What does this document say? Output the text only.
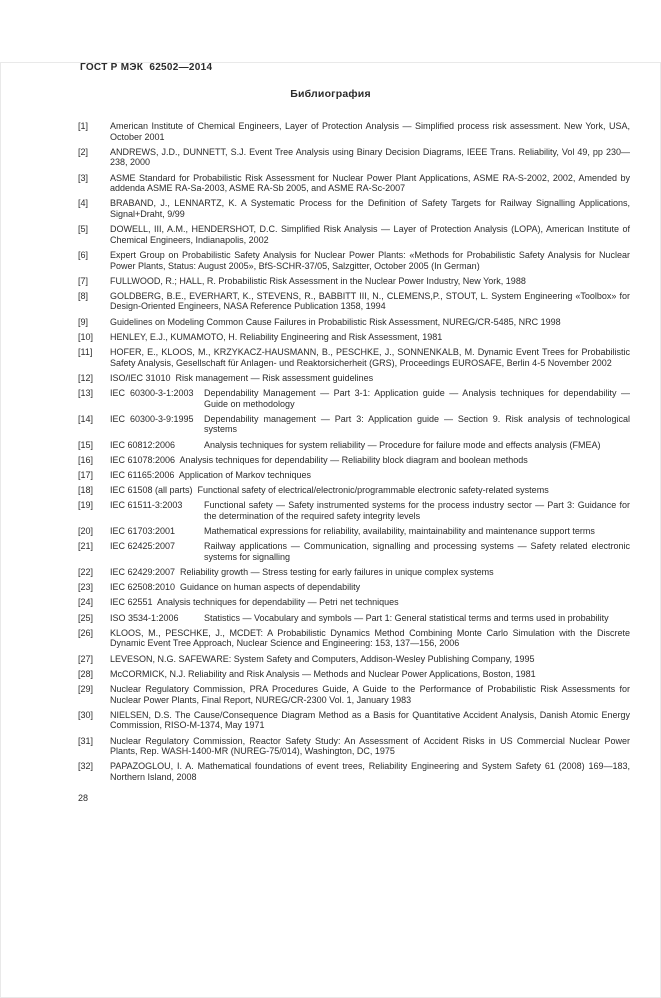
ГОСТ Р МЭК  62502—2014
Библиография
[1]	American Institute of Chemical Engineers, Layer of Protection Analysis — Simplified process risk assessment. New York, USA, October 2001
[2]	ANDREWS, J.D., DUNNETT, S.J. Event Tree Analysis using Binary Decision Diagrams, IEEE Trans. Reliability, Vol 49, pp 230—238, 2000
[3]	ASME Standard for Probabilistic Risk Assessment for Nuclear Power Plant Applications, ASME RA-S-2002, 2002, Amended by addenda ASME RA-Sa-2003, ASME RA-Sb 2005, and ASME RA-Sc-2007
[4]	BRABAND, J., LENNARTZ, K. A Systematic Process for the Definition of Safety Targets for Railway Signalling Applications, Signal+Draht, 9/99
[5]	DOWELL, III, A.M., HENDERSHOT, D.C. Simplified Risk Analysis — Layer of Protection Analysis (LOPA), American Institute of Chemical Engineers, Indianapolis, 2002
[6]	Expert Group on Probabilistic Safety Analysis for Nuclear Power Plants: «Methods for Probabilistic Safety Analysis for Nuclear Power Plants, Status: August 2005», BfS-SCHR-37/05, Salzgitter, October 2005 (In German)
[7]	FULLWOOD, R.; HALL, R. Probabilistic Risk Assessment in the Nuclear Power Industry, New York, 1988
[8]	GOLDBERG, B.E., EVERHART, K., STEVENS, R., BABBITT III, N., CLEMENS,P., STOUT, L. System Engineering «Toolbox» for Design-Oriented Engineers, NASA Reference Publication 1358, 1994
[9]	Guidelines on Modeling Common Cause Failures in Probabilistic Risk Assessment, NUREG/CR-5485, NRC 1998
[10]	HENLEY, E.J., KUMAMOTO, H. Reliability Engineering and Risk Assessment, 1981
[11]	HOFER, E., KLOOS, M., KRZYKACZ-HAUSMANN, B., PESCHKE, J., SONNENKALB, M. Dynamic Event Trees for Probabilistic Safety Analysis, Gesellschaft für Anlagen- und Reaktorsicherheit (GRS), Proceedings EUROSAFE, Berlin 4-5 November 2002
[12]	ISO/IEC 31010  Risk management — Risk assessment guidelines
[13]	IEC  60300-3-1:2003	Dependability Management — Part 3-1: Application guide — Analysis techniques for dependability — Guide on methodology
[14]	IEC  60300-3-9:1995	Dependability management — Part 3: Application guide — Section 9. Risk analysis of technological systems
[15]	IEC 60812:2006	Analysis techniques for system reliability — Procedure for failure mode and effects analysis (FMEA)
[16]	IEC 61078:2006  Analysis techniques for dependability — Reliability block diagram and boolean methods
[17]	IEC 61165:2006  Application of Markov techniques
[18]	IEC 61508 (all parts)  Functional safety of electrical/electronic/programmable electronic safety-related systems
[19]	IEC 61511-3:2003	Functional safety — Safety instrumented systems for the process industry sector — Part 3: Guidance for the determination of the required safety integrity levels
[20]	IEC 61703:2001	Mathematical expressions for reliability, availability, maintainability and maintenance support terms
[21]	IEC 62425:2007	Railway applications — Communication, signalling and processing systems — Safety related electronic systems for signalling
[22]	IEC 62429:2007  Reliability growth — Stress testing for early failures in unique complex systems
[23]	IEC 62508:2010  Guidance on human aspects of dependability
[24]	IEC 62551  Analysis techniques for dependability — Petri net techniques
[25]	ISO 3534-1:2006	Statistics — Vocabulary and symbols — Part 1: General statistical terms and terms used in probability
[26]	KLOOS, M., PESCHKE, J., MCDET: A Probabilistic Dynamics Method Combining Monte Carlo Simulation with the Discrete Dynamic Event Tree Approach, Nuclear Science and Engineering: 153, 137—156, 2006
[27]	LEVESON, N.G. SAFEWARE: System Safety and Computers, Addison-Wesley Publishing Company, 1995
[28]	McCORMICK, N.J. Reliability and Risk Analysis — Methods and Nuclear Power Applications, Boston, 1981
[29]	Nuclear Regulatory Commission, PRA Procedures Guide, A Guide to the Performance of Probabilistic Risk Assessments for Nuclear Power Plants, Final Report, NUREG/CR-2300 Vol. 1, January 1983
[30]	NIELSEN, D.S. The Cause/Consequence Diagram Method as a Basis for Quantitative Accident Analysis, Danish Atomic Energy Commission, RISO-M-1374, May 1971
[31]	Nuclear Regulatory Commission, Reactor Safety Study: An Assessment of Accident Risks in US Commercial Nuclear Power Plants, Rep. WASH-1400-MR (NUREG-75/014), Washington, DC, 1975
[32]	PAPAZOGLOU, I. A. Mathematical foundations of event trees, Reliability Engineering and System Safety 61 (2008) 169—183, Northern Island, 2008
28
